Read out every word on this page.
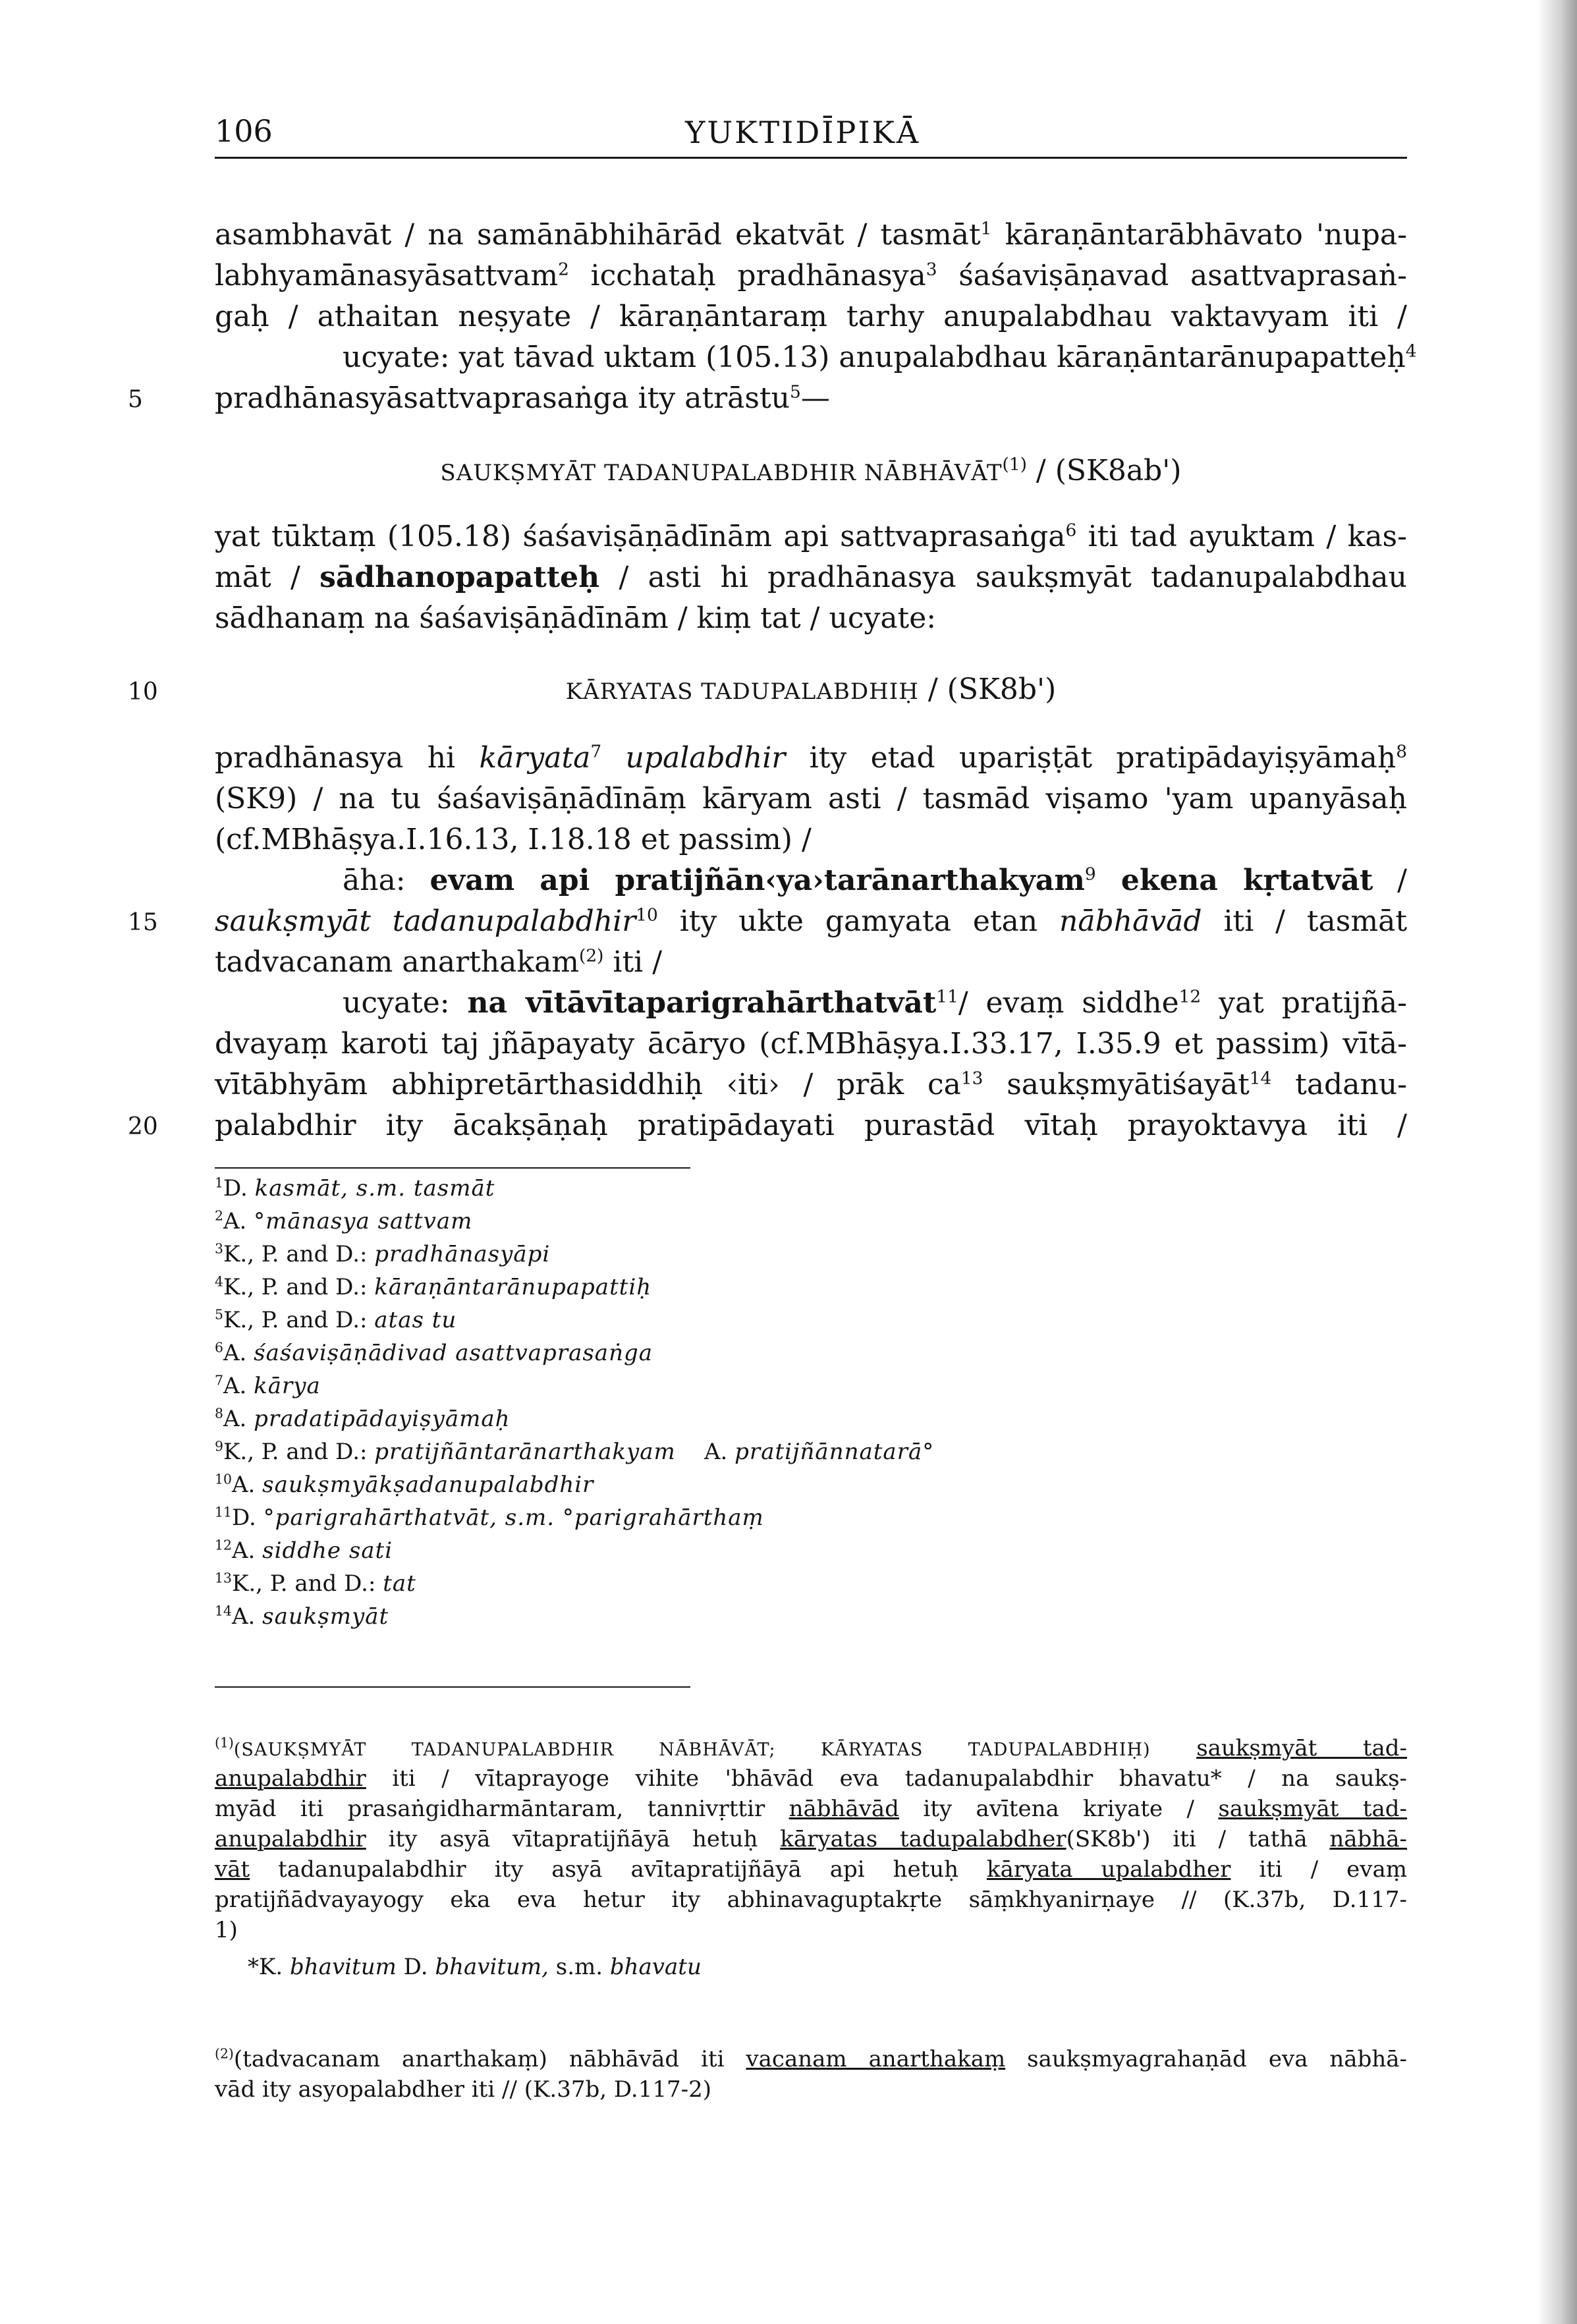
106	YUKTIDĪPIKĀ
asambhavāt / na samānābhihārād ekatvāt / tasmāt$^1$ kāraṇāntarābhāvato 'nupa-
labhyamānasyāsattvam$^2$ icchataḥ pradhānasya$^3$ śaśaviṣāṇavad asattvaprasaṅ-
gaḥ / athaitan neṣyate / kāraṇāntaraṃ tarhy anupalabdhau vaktavyam iti /
ucyate: yat tāvad uktam (105.13) anupalabdhau kāraṇāntarānupapatteḥ$^4$
5 pradhānasyāsattvaprasaṅga ity atrāstu$^5$—
SAUKṢMYĀT TADANUPALABDHIR NĀBHĀVĀT$^{(1)}$ / (SK8ab')
yat tūktaṃ (105.18) śaśaviṣāṇādīnām api sattvaprasaṅga$^6$ iti tad ayuktam / kas-
māt / sādhanopapatteḥ / asti hi pradhānasya saukṣmyāt tadanupalabdhau
sādhanaṃ na śaśaviṣāṇādīnām / kiṃ tat / ucyate:
10	KĀRYATAS TADUPALABDHIḤ / (SK8b')
pradhānasya hi kāryata$^7$ upalabdhir ity etad upariṣṭāt pratipādayiṣyāmaḥ$^8$
(SK9) / na tu śaśaviṣāṇādīnāṃ kāryam asti / tasmād viṣamo 'yam upanyāsaḥ
(cf.MBhāṣya.I.16.13, I.18.18 et passim) /
āha: evam api pratijñān‹ya›tarānarthakyam$^9$ ekena kṛtatvāt /
15 saukṣmyāt tadanupalabdhir$^{10}$ ity ukte gamyata etan nābhāvād iti / tasmāt
tadvacanam anarthakam$^{(2)}$ iti /
ucyate: na vītāvītaparigrahārthatvāt$^{11}$/ evaṃ siddhe$^{12}$ yat pratijñā-
dvayaṃ karoti taj jñāpayaty ācāryo (cf.MBhāṣya.I.33.17, I.35.9 et passim) vītā-
vītābhyām abhipretārthasiddhiḥ ‹iti› / prāk $ca^{13}$ saukṣmyātiśayāt$^{14}$ tadanu-
20 palabdhir ity ācakṣāṇaḥ pratipādayati purastād vītaḥ prayoktavya iti /
$^1$D. kasmāt, s.m. tasmāt
$^2$A. °mānasya sattvam
$^3$K., P. and D.: pradhānasyāpi
$^4$K., P. and D.: kāraṇāntarānupapattiḥ
$^5$K., P. and D.: atas tu
$^6$A. śaśaviṣāṇādivad asattvaprasaṅga
$^7$A. kārya
$^8$A. pradatipādayiṣyāmaḥ
$^9$K., P. and D.: pratijñāntarānarthakyam A. pratijñānnatarā°
$^{10}$A. saukṣmyākṣadanupalabdhir
$^{11}$D. °parigrahārthatvāt, s.m. °parigrahārthaṃ
$^{12}$A. siddhe sati
$^{13}$K., P. and D.: tat
$^{14}$A. saukṣmyāt
$^{(1)}$(SAUKṢMYĀT TADANUPALABDHIR NĀBHĀVĀT; KĀRYATAS TADUPALABDHIḤ) saukṣmyāt tad-
anupalabdhir iti / vītaprayoge vihite 'bhāvād eva tadanupalabdhir bhavatu* / na saukṣ-
myād iti prasaṅgidharmāntaram, tannivṛttir nābhāvād ity avītena kriyate / saukṣmyāt tad-
anupalabdhir ity asyā vītapratijñāyā hetuḥ kāryatas tadupalabdher(SK8b') iti / tathā nābhā-
vāt tadanupalabdhir ity asyā avītapratijñāyā api hetuḥ kāryata upalabdher iti / evaṃ
pratijñādvayayogy eka eva hetur ity abhinavaguptakṛte sāṃkhyanirṇaye // (K.37b, D.117-
1)
*K. bhavitum D. bhavitum, s.m. bhavatu
$^{(2)}$(tadvacanam anarthakaṃ) nābhāvād iti vacanam anarthakaṃ saukṣmyagrahaṇād eva nābhā-
vād ity asyopalabdher iti // (K.37b, D.117-2)
